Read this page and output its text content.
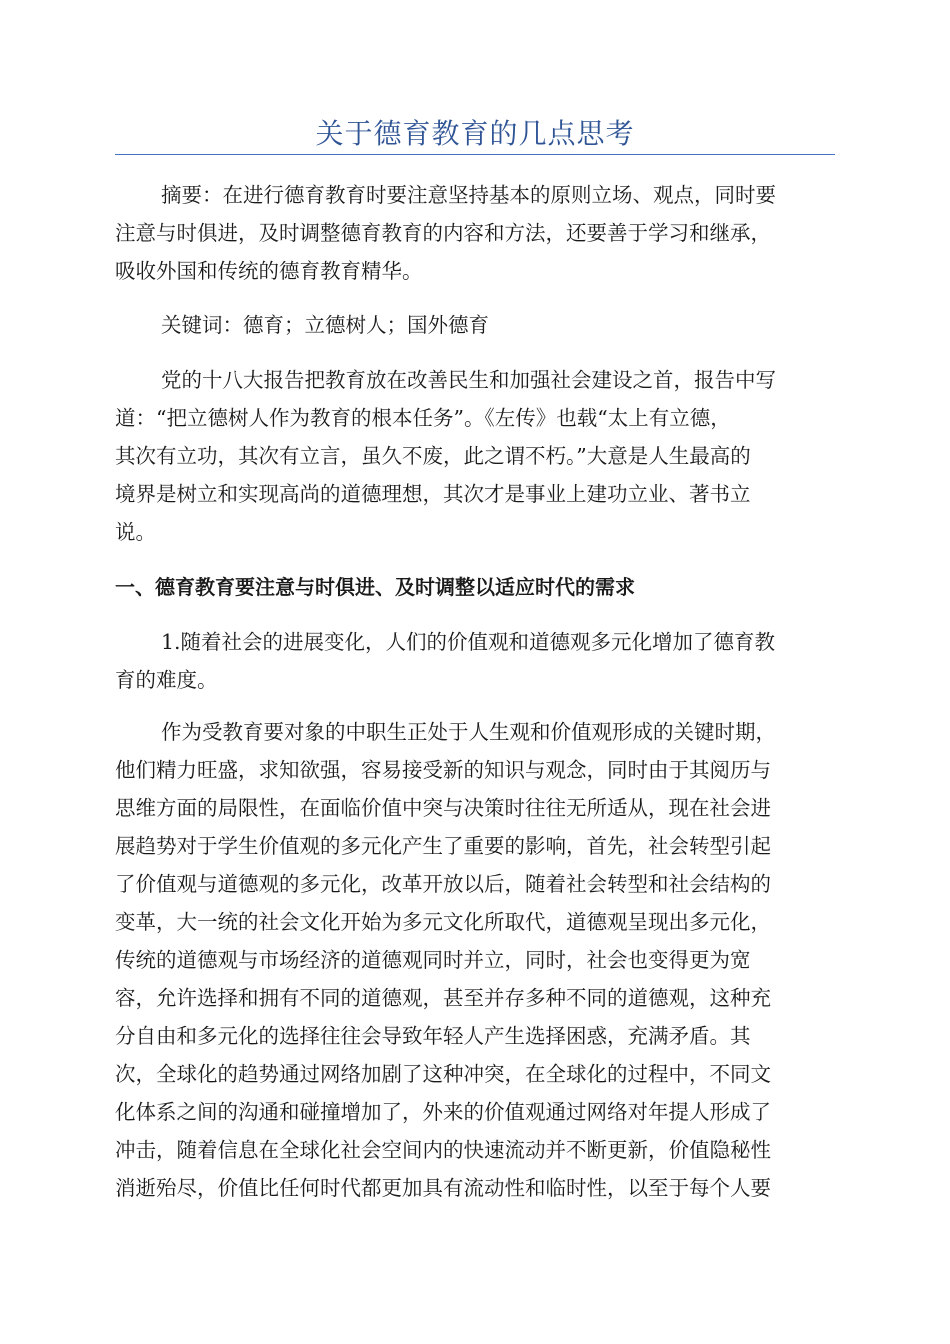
关于德育教育的几点思考
摘要：在进行德育教育时要注意坚持基本的原则立场、观点，同时要
注意与时俱进，及时调整德育教育的内容和方法，还要善于学习和继承，
吸收外国和传统的德育教育精华。
关键词：德育；立德树人；国外德育
党的十八大报告把教育放在改善民生和加强社会建设之首，报告中写
道：“把立德树人作为教育的根本任务”。《左传》也载“太上有立德，
其次有立功，其次有立言，虽久不废，此之谓不朽。”大意是人生最高的
境界是树立和实现高尚的道德理想，其次才是事业上建功立业、著书立
说。
一、德育教育要注意与时俱进、及时调整以适应时代的需求
1.随着社会的进展变化，人们的价值观和道德观多元化增加了德育教
育的难度。
作为受教育要对象的中职生正处于人生观和价值观形成的关键时期，
他们精力旺盛，求知欲强，容易接受新的知识与观念，同时由于其阅历与
思维方面的局限性，在面临价值中突与决策时往往无所适从，现在社会进
展趋势对于学生价值观的多元化产生了重要的影响，首先，社会转型引起
了价值观与道德观的多元化，改革开放以后，随着社会转型和社会结构的
变革，大一统的社会文化开始为多元文化所取代，道德观呈现出多元化，
传统的道德观与市场经济的道德观同时并立，同时，社会也变得更为宽
容，允许选择和拥有不同的道德观，甚至并存多种不同的道德观，这种充
分自由和多元化的选择往往会导致年轻人产生选择困惑，充满矛盾。其
次，全球化的趋势通过网络加剧了这种冲突，在全球化的过程中，不同文
化体系之间的沟通和碰撞增加了，外来的价值观通过网络对年提人形成了
冲击，随着信息在全球化社会空间内的快速流动并不断更新，价值隐秘性
消逝殆尽，价值比任何时代都更加具有流动性和临时性，以至于每个人要
